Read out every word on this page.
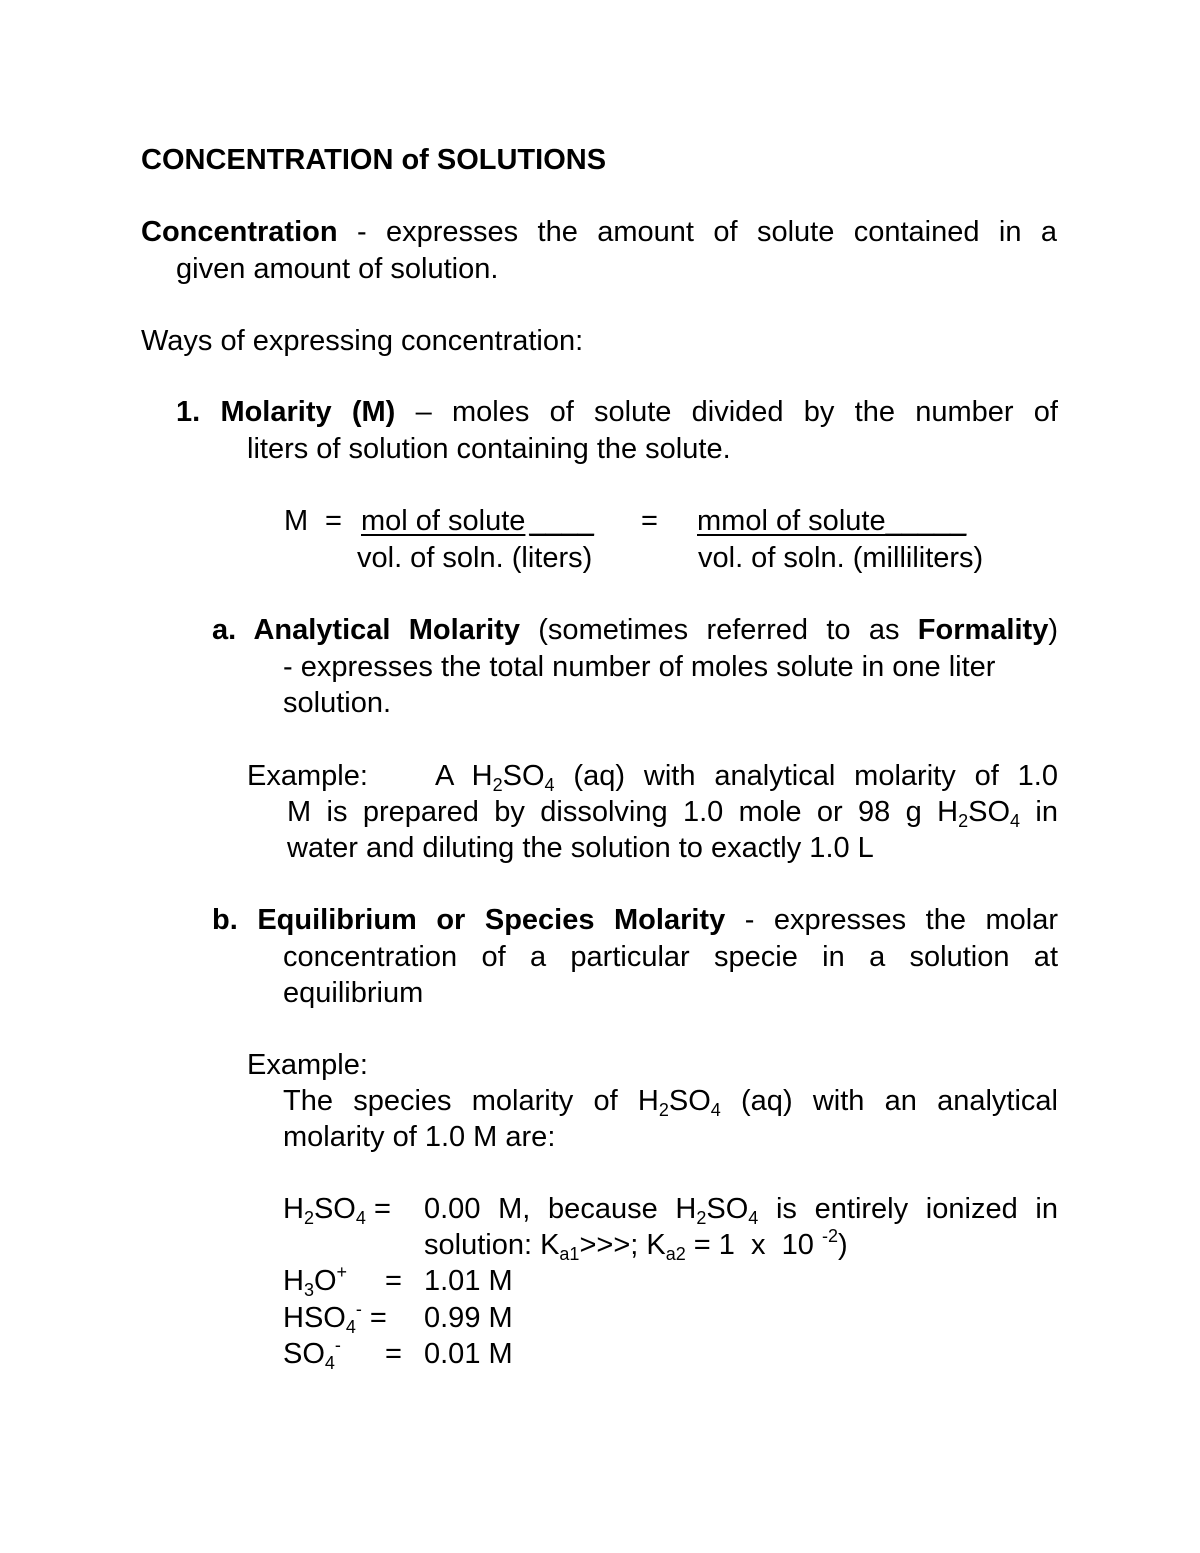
CONCENTRATION of SOLUTIONS
Concentration - expresses the amount of solute contained in a
given amount of solution.
Ways of expressing concentration:
1. Molarity (M) – moles of solute divided by the number of
liters of solution containing the solute.
M = mol of solute ____ = mmol of solute_____
vol. of soln. (liters)	vol. of soln. (milliliters)
a. Analytical Molarity (sometimes referred to as Formality)
- expresses the total number of moles solute in one liter
solution.
Example: A $H_2SO_4$ (aq) with analytical molarity of 1.0
M is prepared by dissolving 1.0 mole or 98 g $H_2SO_4$ in
water and diluting the solution to exactly 1.0 L
b. Equilibrium or Species Molarity - expresses the molar
concentration of a particular specie in a solution at
equilibrium
Example:
The species molarity of $H_2SO_4$ (aq) with an analytical
molarity of 1.0 M are:
$H_2SO_4 = 0.00$ M, because $H_2SO_4$ is entirely ionized in
solution: $K_{a1}>>>$; $K_{a2} = 1$  x  10 $^{-2}$)
$H_3O^+ = 1.01$ M
$HSO_4^- = 0.99$ M
$SO_4^- = 0.01$ M
